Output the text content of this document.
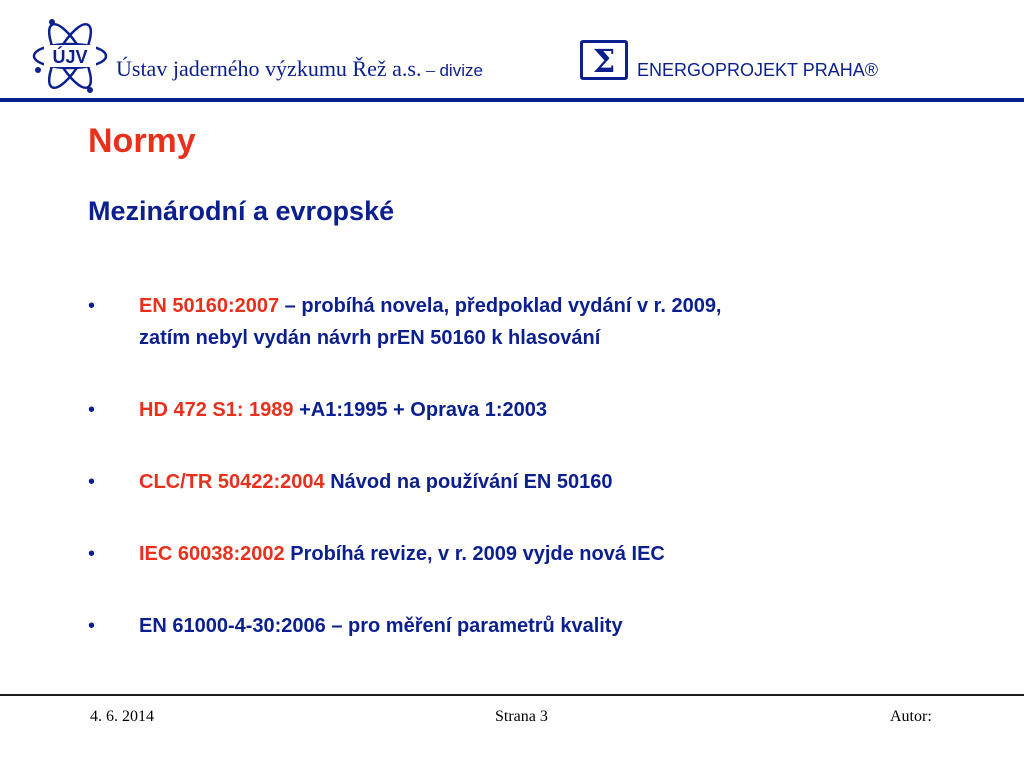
ÚJV Ústav jaderného výzkumu Řež a.s. – divize	Σ ENERGOPROJEKT PRAHA®
Normy
Mezinárodní a evropské
• EN 50160:2007 – probíhá novela, předpoklad vydání v r. 2009,
zatím nebyl vydán návrh prEN 50160 k hlasování
• HD 472 S1: 1989 +A1:1995 + Oprava 1:2003
• CLC/TR 50422:2004 Návod na používání EN 50160
• IEC 60038:2002 Probíhá revize, v r. 2009 vyjde nová IEC
• EN 61000-4-30:2006 – pro měření parametrů kvality
4. 6. 2014	Strana 3	Autor:
